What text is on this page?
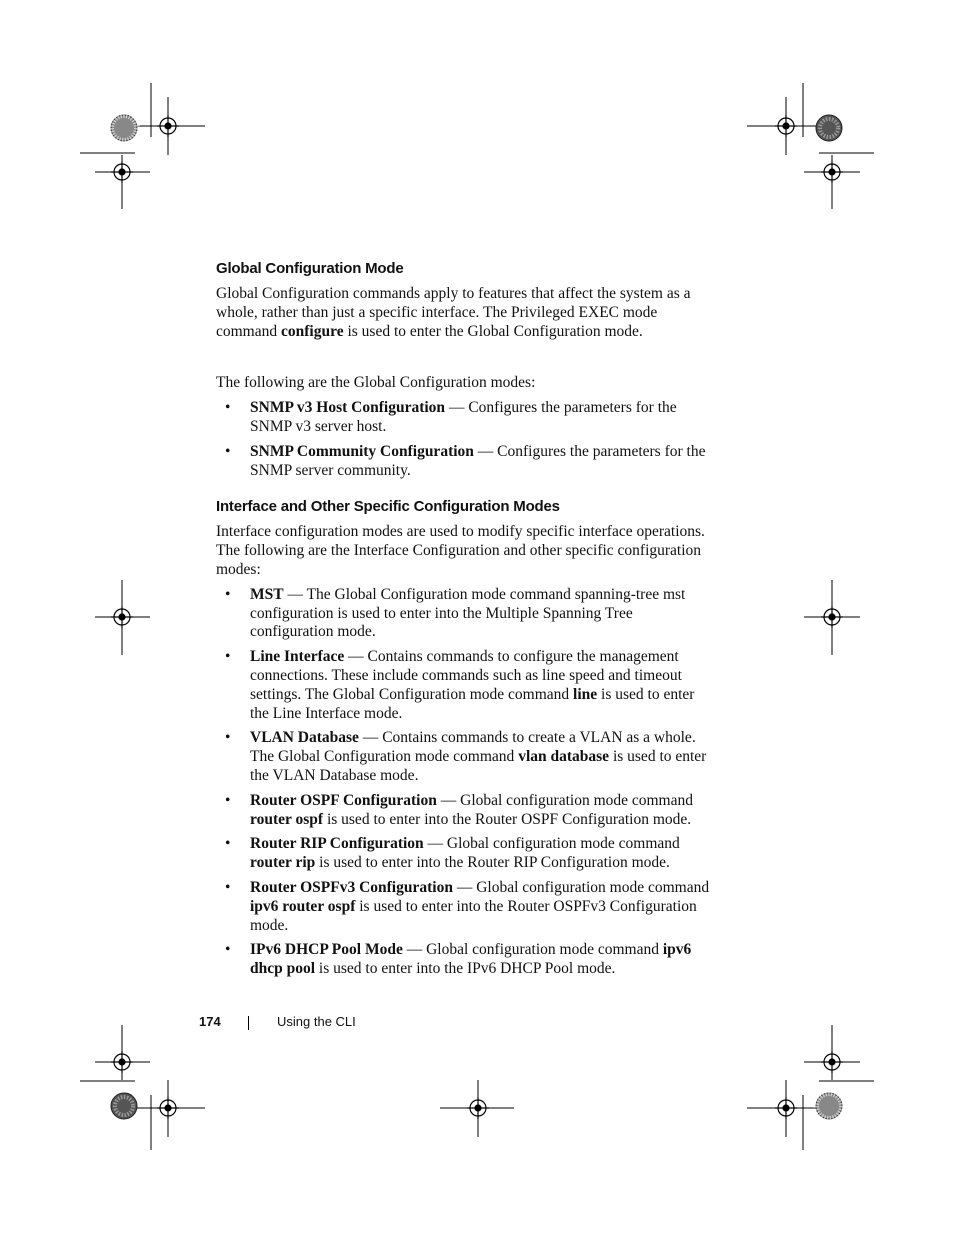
Global Configuration Mode

Global Configuration commands apply to features that affect the system as a whole, rather than just a specific interface. The Privileged EXEC mode command configure is used to enter the Global Configuration mode.

The following are the Global Configuration modes:

• SNMP v3 Host Configuration — Configures the parameters for the SNMP v3 server host.
• SNMP Community Configuration — Configures the parameters for the SNMP server community.
Interface and Other Specific Configuration Modes

Interface configuration modes are used to modify specific interface operations. The following are the Interface Configuration and other specific configuration modes:

• MST — The Global Configuration mode command spanning-tree mst configuration is used to enter into the Multiple Spanning Tree configuration mode.
• Line Interface — Contains commands to configure the management connections. These include commands such as line speed and timeout settings. The Global Configuration mode command line is used to enter the Line Interface mode.
• VLAN Database — Contains commands to create a VLAN as a whole. The Global Configuration mode command vlan database is used to enter the VLAN Database mode.
• Router OSPF Configuration — Global configuration mode command router ospf is used to enter into the Router OSPF Configuration mode.
• Router RIP Configuration — Global configuration mode command router rip is used to enter into the Router RIP Configuration mode.
• Router OSPFv3 Configuration — Global configuration mode command ipv6 router ospf is used to enter into the Router OSPFv3 Configuration mode.
• IPv6 DHCP Pool Mode — Global configuration mode command ipv6 dhcp pool is used to enter into the IPv6 DHCP Pool mode.
174	Using the CLI
